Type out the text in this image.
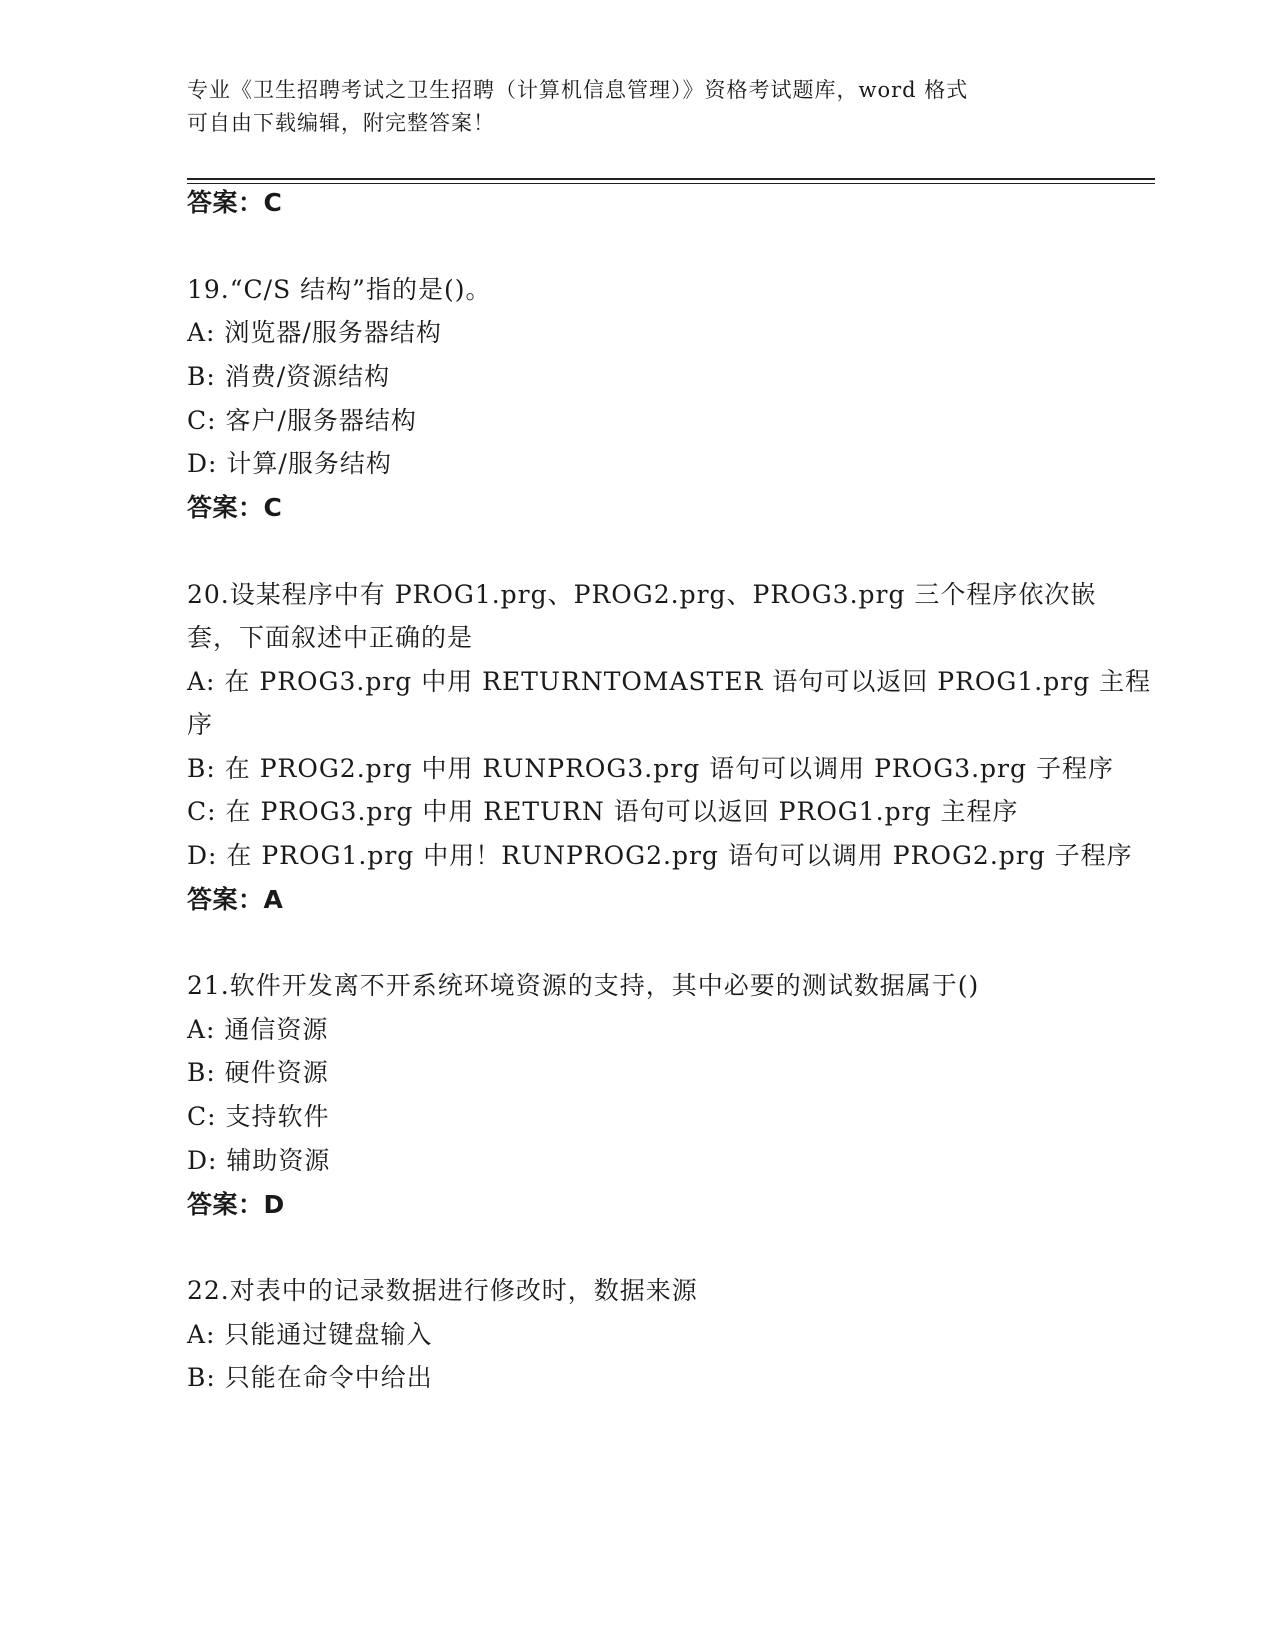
专业《卫生招聘考试之卫生招聘（计算机信息管理）》资格考试题库，word 格式
可自由下载编辑，附完整答案！
答案：C
19.“C/S 结构”指的是()。
A: 浏览器/服务器结构
B: 消费/资源结构
C: 客户/服务器结构
D: 计算/服务结构
答案：C
20.设某程序中有 PROG1.prg、PROG2.prg、PROG3.prg 三个程序依次嵌
套，下面叙述中正确的是
A: 在 PROG3.prg 中用 RETURNTOMASTER 语句可以返回 PROG1.prg 主程
序
B: 在 PROG2.prg 中用 RUNPROG3.prg 语句可以调用 PROG3.prg 子程序
C: 在 PROG3.prg 中用 RETURN 语句可以返回 PROG1.prg 主程序
D: 在 PROG1.prg 中用！RUNPROG2.prg 语句可以调用 PROG2.prg 子程序
答案：A
21.软件开发离不开系统环境资源的支持，其中必要的测试数据属于()
A: 通信资源
B: 硬件资源
C: 支持软件
D: 辅助资源
答案：D
22.对表中的记录数据进行修改时，数据来源
A: 只能通过键盘输入
B: 只能在命令中给出
